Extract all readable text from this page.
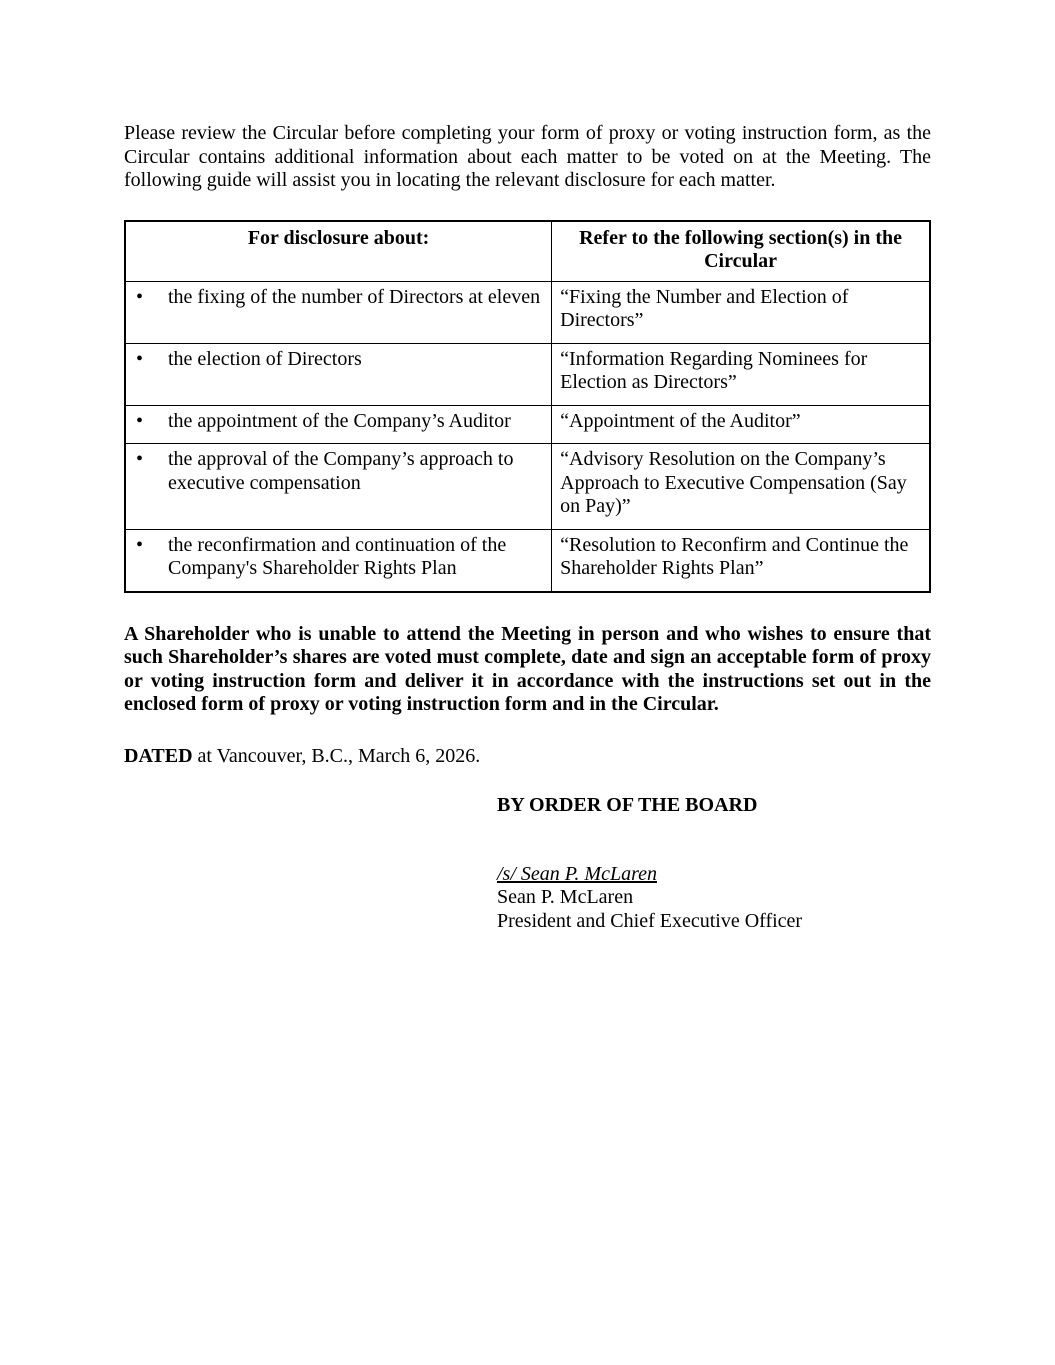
Please review the Circular before completing your form of proxy or voting instruction form, as the Circular contains additional information about each matter to be voted on at the Meeting. The following guide will assist you in locating the relevant disclosure for each matter.

For disclosure about:	Refer to the following section(s) in the Circular

• the fixing of the number of Directors at eleven	“Fixing the Number and Election of Directors”

• the election of Directors	“Information Regarding Nominees for Election as Directors”

• the appointment of the Company’s Auditor	“Appointment of the Auditor”

• the approval of the Company’s approach to executive compensation	“Advisory Resolution on the Company’s Approach to Executive Compensation (Say on Pay)”

• the reconfirmation and continuation of the Company's Shareholder Rights Plan	“Resolution to Reconfirm and Continue the Shareholder Rights Plan”

A Shareholder who is unable to attend the Meeting in person and who wishes to ensure that such Shareholder’s shares are voted must complete, date and sign an acceptable form of proxy or voting instruction form and deliver it in accordance with the instructions set out in the enclosed form of proxy or voting instruction form and in the Circular.

DATED at Vancouver, B.C., March 6, 2026.

BY ORDER OF THE BOARD

/s/ Sean P. McLaren
Sean P. McLaren
President and Chief Executive Officer
